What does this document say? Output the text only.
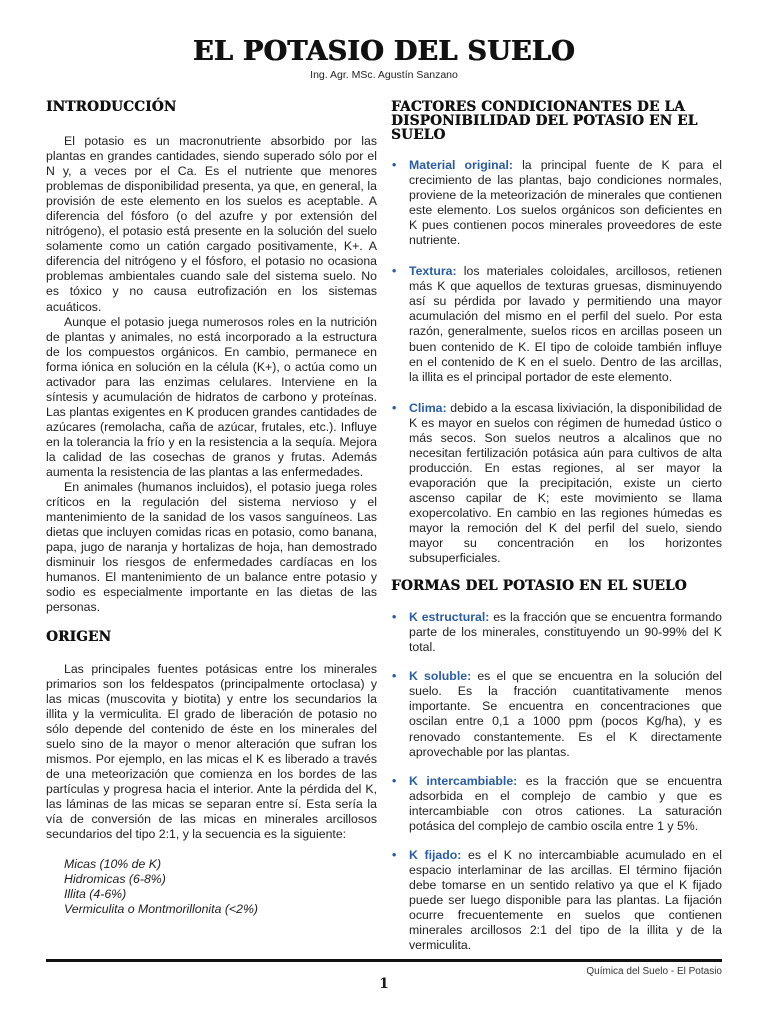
EL POTASIO DEL SUELO
Ing. Agr. MSc. Agustín Sanzano
INTRODUCCIÓN

El potasio es un macronutriente absorbido por las plantas en grandes cantidades, siendo superado sólo por el N y, a veces por el Ca. Es el nutriente que menores problemas de disponibilidad presenta, ya que, en general, la provisión de este elemento en los suelos es aceptable. A diferencia del fósforo (o del azufre y por extensión del nitrógeno), el potasio está presente en la solución del suelo solamente como un catión cargado positivamente, K+. A diferencia del nitrógeno y el fósforo, el potasio no ocasiona problemas ambientales cuando sale del sistema suelo. No es tóxico y no causa eutrofización en los sistemas acuáticos.

Aunque el potasio juega numerosos roles en la nutrición de plantas y animales, no está incorporado a la estructura de los compuestos orgánicos. En cambio, permanece en forma iónica en solución en la célula (K+), o actúa como un activador para las enzimas celulares. Interviene en la síntesis y acumulación de hidratos de carbono y proteínas. Las plantas exigentes en K producen grandes cantidades de azúcares (remolacha, caña de azúcar, frutales, etc.). Influye en la tolerancia la frío y en la resistencia a la sequía. Mejora la calidad de las cosechas de granos y frutas. Además aumenta la resistencia de las plantas a las enfermedades.

En animales (humanos incluidos), el potasio juega roles críticos en la regulación del sistema nervioso y el mantenimiento de la sanidad de los vasos sanguíneos. Las dietas que incluyen comidas ricas en potasio, como banana, papa, jugo de naranja y hortalizas de hoja, han demostrado disminuir los riesgos de enfermedades cardíacas en los humanos. El mantenimiento de un balance entre potasio y sodio es especialmente importante en las dietas de las personas.

ORIGEN

Las principales fuentes potásicas entre los minerales primarios son los feldespatos (principalmente ortoclasa) y las micas (muscovita y biotita) y entre los secundarios la illita y la vermiculita. El grado de liberación de potasio no sólo depende del contenido de éste en los minerales del suelo sino de la mayor o menor alteración que sufran los mismos. Por ejemplo, en las micas el K es liberado a través de una meteorización que comienza en los bordes de las partículas y progresa hacia el interior. Ante la pérdida del K, las láminas de las micas se separan entre sí. Esta sería la vía de conversión de las micas en minerales arcillosos secundarios del tipo 2:1, y la secuencia es la siguiente:

Micas (10% de K)
Hidromicas (6-8%)
Illita (4-6%)
Vermiculita o Montmorillonita (<2%)
FACTORES CONDICIONANTES DE LA DISPONIBILIDAD DEL POTASIO EN EL SUELO
• Material original: la principal fuente de K para el crecimiento de las plantas, bajo condiciones normales, proviene de la meteorización de minerales que contienen este elemento. Los suelos orgánicos son deficientes en K pues contienen pocos minerales proveedores de este nutriente.
• Textura: los materiales coloidales, arcillosos, retienen más K que aquellos de texturas gruesas, disminuyendo así su pérdida por lavado y permitiendo una mayor acumulación del mismo en el perfil del suelo. Por esta razón, generalmente, suelos ricos en arcillas poseen un buen contenido de K. El tipo de coloide también influye en el contenido de K en el suelo. Dentro de las arcillas, la illita es el principal portador de este elemento.
• Clima: debido a la escasa lixiviación, la disponibilidad de K es mayor en suelos con régimen de humedad ústico o más secos. Son suelos neutros a alcalinos que no necesitan fertilización potásica aún para cultivos de alta producción. En estas regiones, al ser mayor la evaporación que la precipitación, existe un cierto ascenso capilar de K; este movimiento se llama exopercolativo. En cambio en las regiones húmedas es mayor la remoción del K del perfil del suelo, siendo mayor su concentración en los horizontes subsuperficiales.
FORMAS DEL POTASIO EN EL SUELO
• K estructural: es la fracción que se encuentra formando parte de los minerales, constituyendo un 90-99% del K total.
• K soluble: es el que se encuentra en la solución del suelo. Es la fracción cuantitativamente menos importante. Se encuentra en concentraciones que oscilan entre 0,1 a 1000 ppm (pocos Kg/ha), y es renovado constantemente. Es el K directamente aprovechable por las plantas.
• K intercambiable: es la fracción que se encuentra adsorbida en el complejo de cambio y que es intercambiable con otros cationes. La saturación potásica del complejo de cambio oscila entre 1 y 5%.
• K fijado: es el K no intercambiable acumulado en el espacio interlaminar de las arcillas. El término fijación debe tomarse en un sentido relativo ya que el K fijado puede ser luego disponible para las plantas. La fijación ocurre frecuentemente en suelos que contienen minerales arcillosos 2:1 del tipo de la illita y de la vermiculita.
Química del Suelo - El Potasio
1
